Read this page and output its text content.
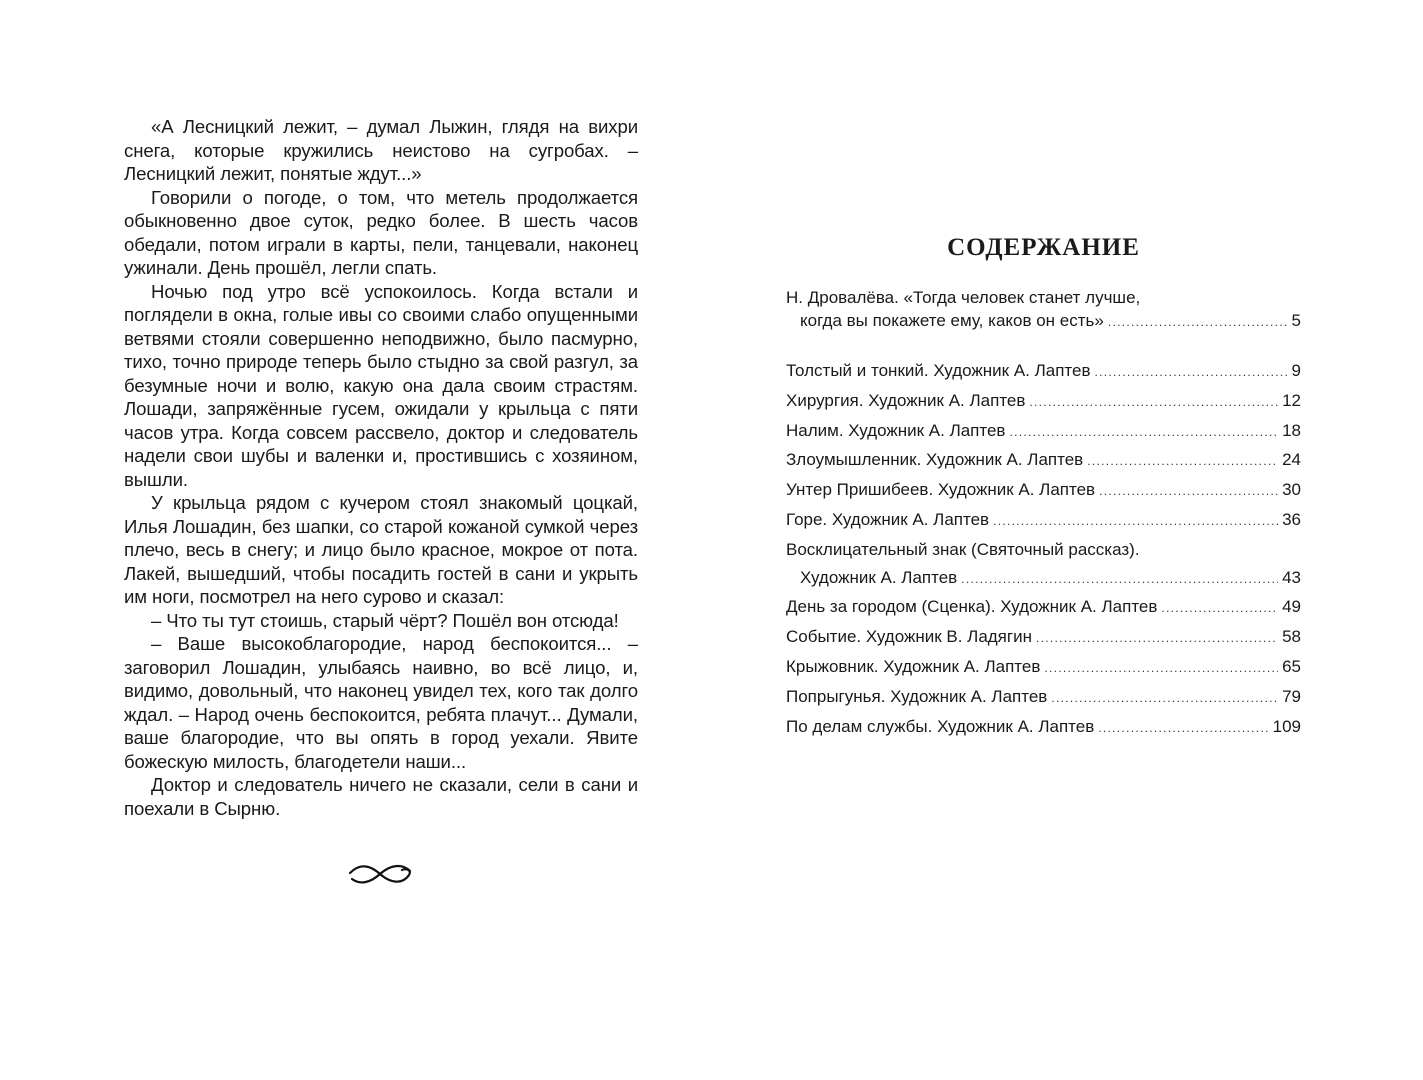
«А Лесницкий лежит, – думал Лыжин, глядя на вихри снега, которые кружились неистово на сугробах. – Лесницкий лежит, понятые ждут...»

Говорили о погоде, о том, что метель продолжается обыкновенно двое суток, редко более. В шесть часов обедали, потом играли в карты, пели, танцевали, наконец ужинали. День прошёл, легли спать.

Ночью под утро всё успокоилось. Когда встали и поглядели в окна, голые ивы со своими слабо опущенными ветвями стояли совершенно неподвижно, было пасмурно, тихо, точно природе теперь было стыдно за свой разгул, за безумные ночи и волю, какую она дала своим страстям. Лошади, запряжённые гусем, ожидали у крыльца с пяти часов утра. Когда совсем рассвело, доктор и следователь надели свои шубы и валенки и, простившись с хозяином, вышли.

У крыльца рядом с кучером стоял знакомый цоцкай, Илья Лошадин, без шапки, со старой кожаной сумкой через плечо, весь в снегу; и лицо было красное, мокрое от пота. Лакей, вышедший, чтобы посадить гостей в сани и укрыть им ноги, посмотрел на него сурово и сказал:

– Что ты тут стоишь, старый чёрт? Пошёл вон отсюда!

– Ваше высокоблагородие, народ беспокоится... – заговорил Лошадин, улыбаясь наивно, во всё лицо, и, видимо, довольный, что наконец увидел тех, кого так долго ждал. – Народ очень беспокоится, ребята плачут... Думали, ваше благородие, что вы опять в город уехали. Явите божескую милость, благодетели наши...

Доктор и следователь ничего не сказали, сели в сани и поехали в Сырню.

СОДЕРЖАНИЕ
Н. Дровалёва. «Тогда человек станет лучше,
когда вы покажете ему, каков он есть» .....	5
Толстый и тонкий. Художник А. Лаптев .....	9
Хирургия. Художник А. Лаптев .....	12
Налим. Художник А. Лаптев .....	18
Злоумышленник. Художник А. Лаптев .....	24
Унтер Пришибеев. Художник А. Лаптев .....	30
Горе. Художник А. Лаптев .....	36
Восклицательный знак (Святочный рассказ).
Художник А. Лаптев .....	43
День за городом (Сценка). Художник А. Лаптев .....	49
Событие. Художник В. Ладягин .....	58
Крыжовник. Художник А. Лаптев .....	65
Попрыгунья. Художник А. Лаптев .....	79
По делам службы. Художник А. Лаптев .....	109
